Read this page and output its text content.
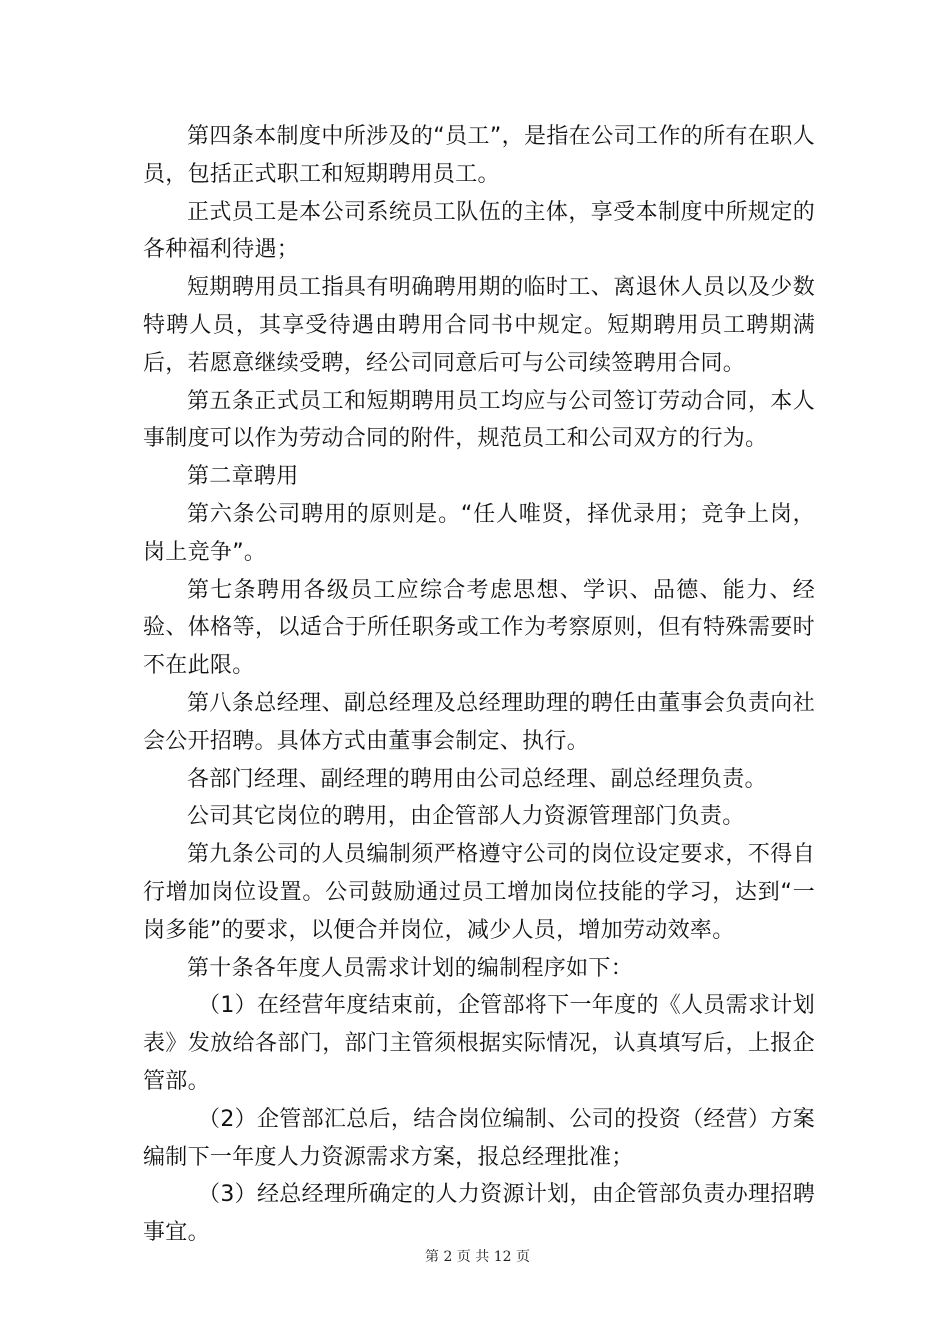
第四条本制度中所涉及的“员工”，是指在公司工作的所有在职人员，包括正式职工和短期聘用员工。

正式员工是本公司系统员工队伍的主体，享受本制度中所规定的各种福利待遇；

短期聘用员工指具有明确聘用期的临时工、离退休人员以及少数特聘人员，其享受待遇由聘用合同书中规定。短期聘用员工聘期满后，若愿意继续受聘，经公司同意后可与公司续签聘用合同。

第五条正式员工和短期聘用员工均应与公司签订劳动合同，本人事制度可以作为劳动合同的附件，规范员工和公司双方的行为。

第二章聘用

第六条公司聘用的原则是。“任人唯贤，择优录用；竞争上岗，岗上竞争”。

第七条聘用各级员工应综合考虑思想、学识、品德、能力、经验、体格等，以适合于所任职务或工作为考察原则，但有特殊需要时不在此限。

第八条总经理、副总经理及总经理助理的聘任由董事会负责向社会公开招聘。具体方式由董事会制定、执行。

各部门经理、副经理的聘用由公司总经理、副总经理负责。

公司其它岗位的聘用，由企管部人力资源管理部门负责。

第九条公司的人员编制须严格遵守公司的岗位设定要求，不得自行增加岗位设置。公司鼓励通过员工增加岗位技能的学习，达到“一岗多能”的要求，以便合并岗位，减少人员，增加劳动效率。

第十条各年度人员需求计划的编制程序如下：

（1）在经营年度结束前，企管部将下一年度的《人员需求计划表》发放给各部门，部门主管须根据实际情况，认真填写后，上报企管部。

（2）企管部汇总后，结合岗位编制、公司的投资（经营）方案编制下一年度人力资源需求方案，报总经理批准；

（3）经总经理所确定的人力资源计划，由企管部负责办理招聘事宜。

第 2 页 共 12 页
